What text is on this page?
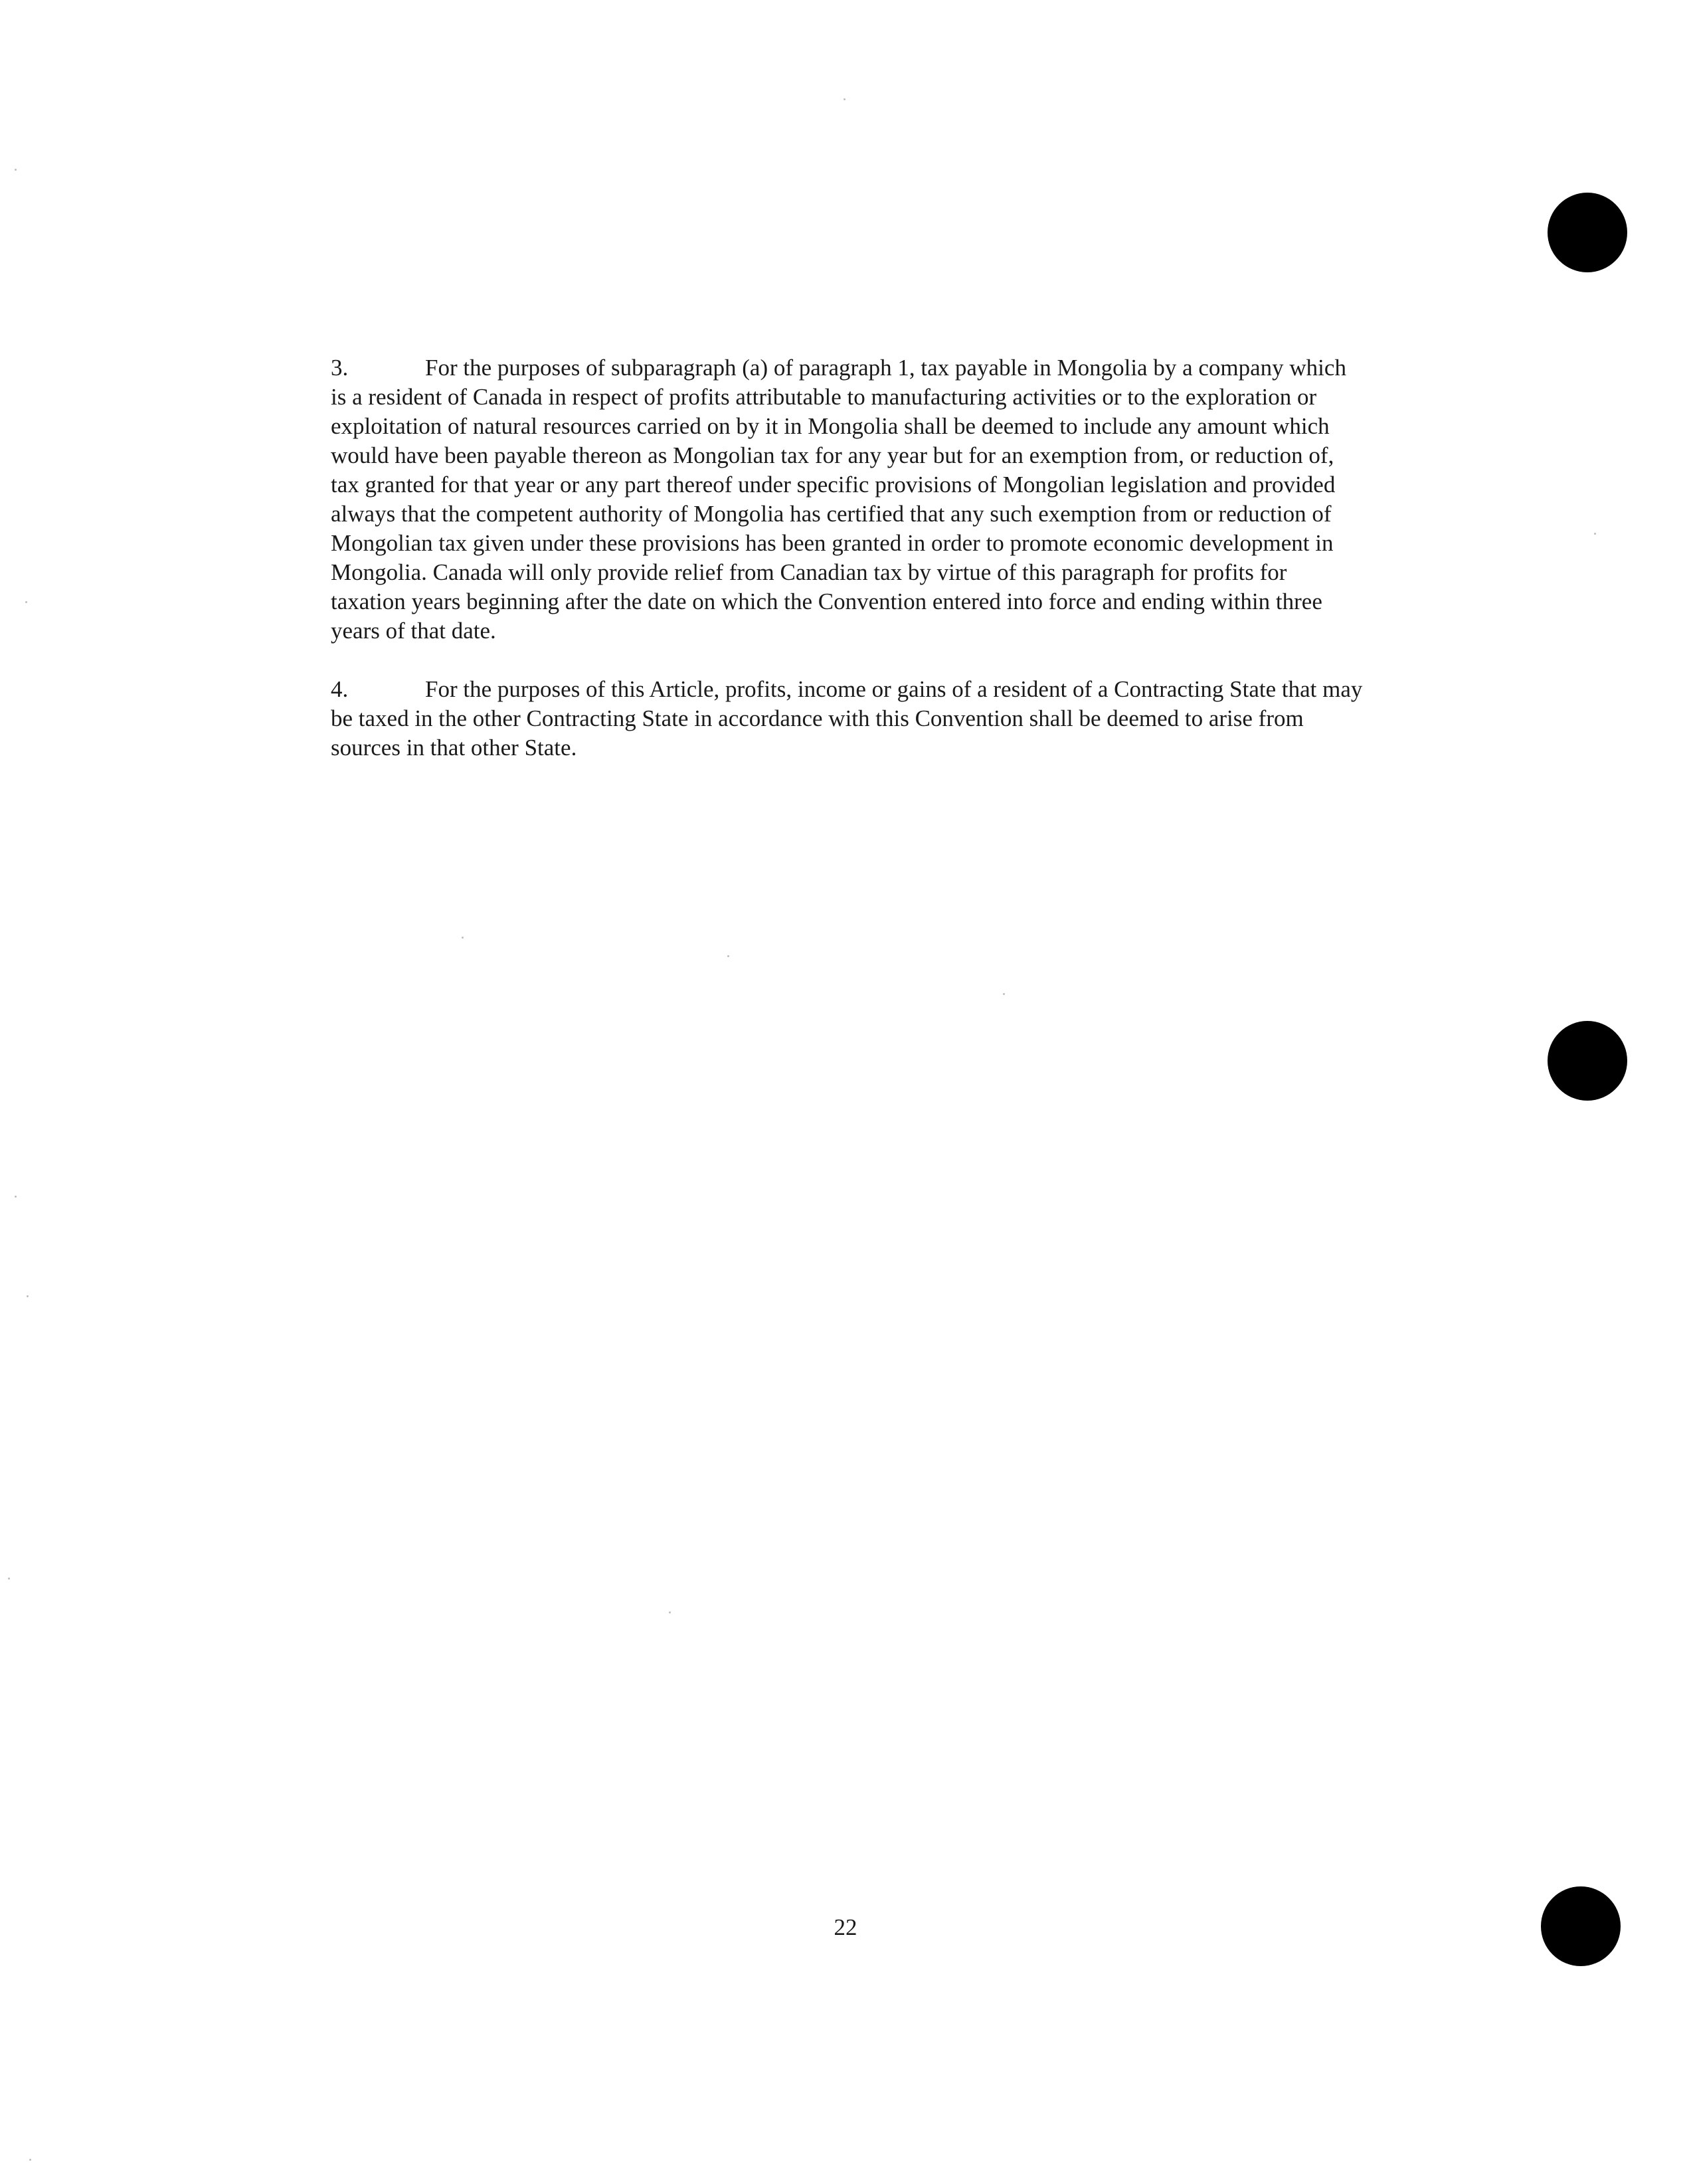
3.	For the purposes of subparagraph (a) of paragraph 1, tax payable in Mongolia by a company which is a resident of Canada in respect of profits attributable to manufacturing activities or to the exploration or exploitation of natural resources carried on by it in Mongolia shall be deemed to include any amount which would have been payable thereon as Mongolian tax for any year but for an exemption from, or reduction of, tax granted for that year or any part thereof under specific provisions of Mongolian legislation and provided always that the competent authority of Mongolia has certified that any such exemption from or reduction of Mongolian tax given under these provisions has been granted in order to promote economic development in Mongolia. Canada will only provide relief from Canadian tax by virtue of this paragraph for profits for taxation years beginning after the date on which the Convention entered into force and ending within three years of that date.

4.	For the purposes of this Article, profits, income or gains of a resident of a Contracting State that may be taxed in the other Contracting State in accordance with this Convention shall be deemed to arise from sources in that other State.

22
